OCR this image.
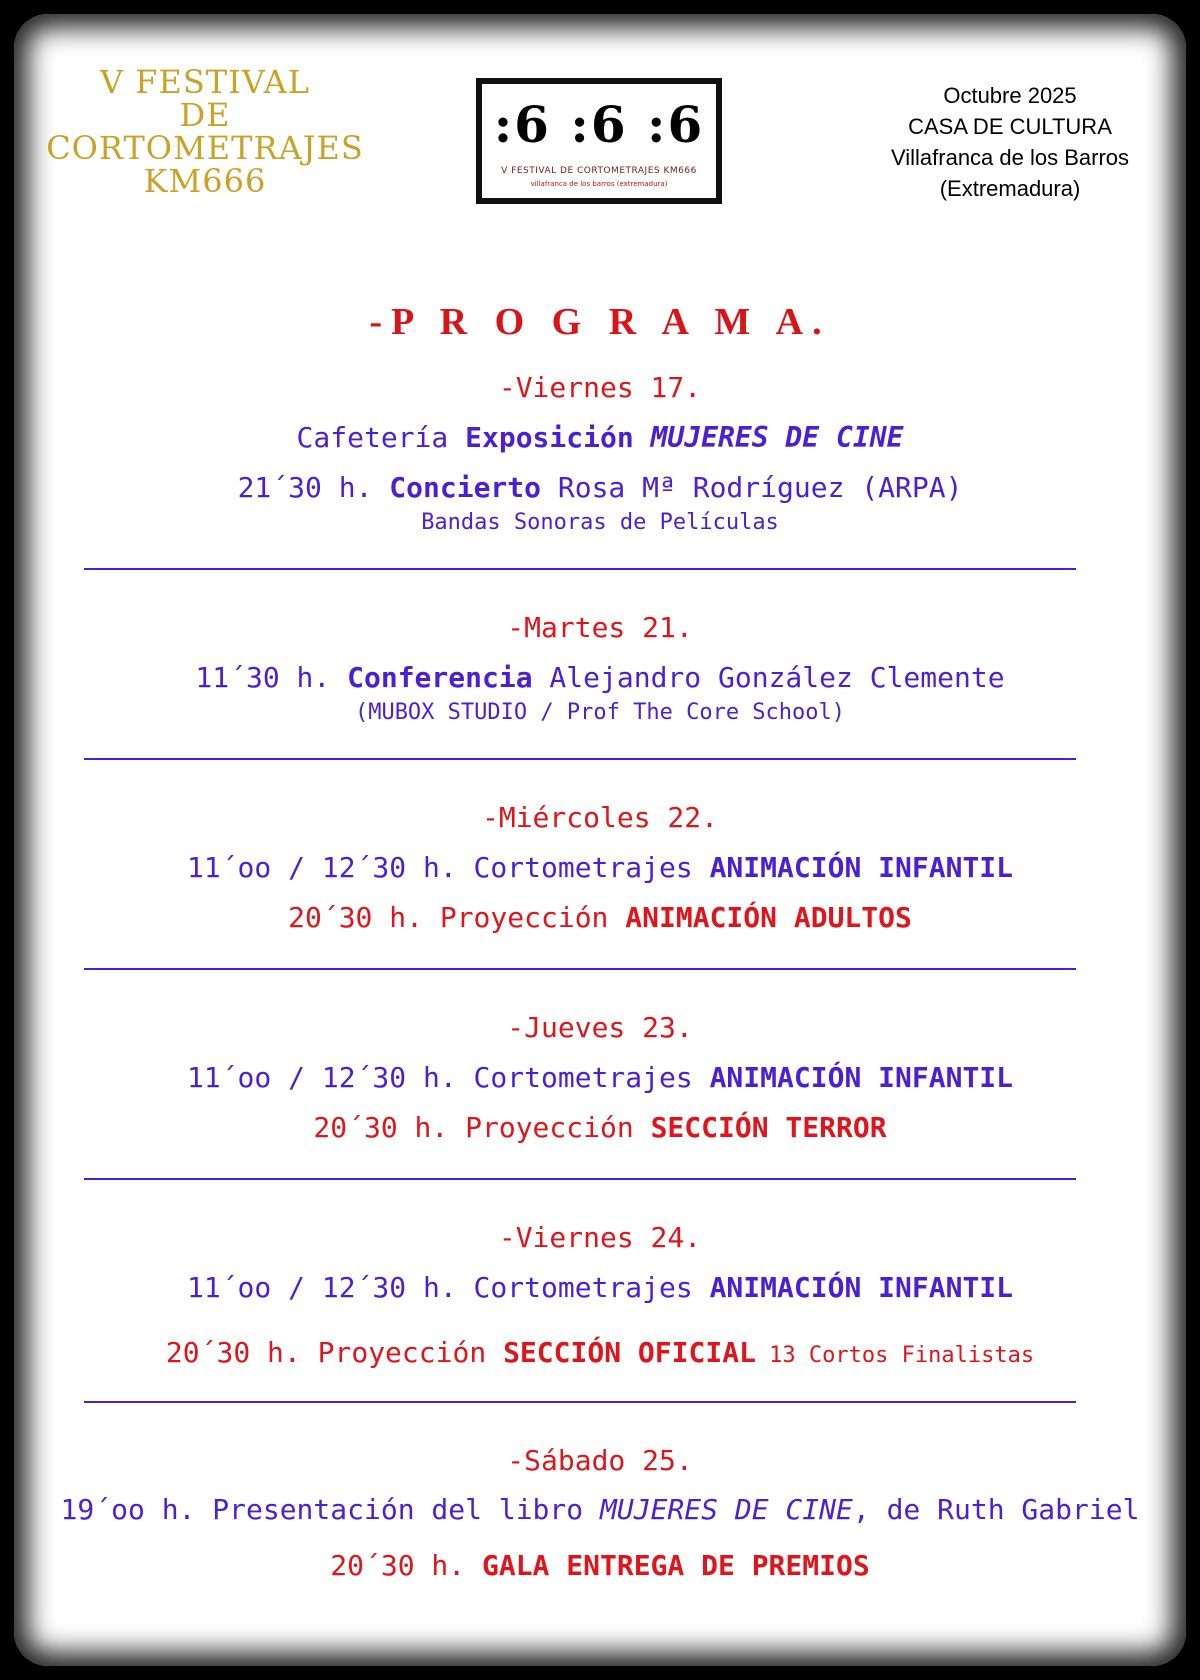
V FESTIVAL
DE
CORTOMETRAJES
KM666
:6 :6 :6
V FESTIVAL DE CORTOMETRAJES KM666
villafranca de los barros (extremadura)
Octubre 2025
CASA DE CULTURA
Villafranca de los Barros
(Extremadura)
-P R O G R A M A.
-Viernes 17.
Cafetería Exposición MUJERES DE CINE
21´30 h. Concierto Rosa Mª Rodríguez (ARPA)
Bandas Sonoras de Películas
-Martes 21.
11´30 h. Conferencia Alejandro González Clemente
(MUBOX STUDIO / Prof The Core School)
-Miércoles 22.
11´oo / 12´30 h. Cortometrajes ANIMACIÓN INFANTIL
20´30 h. Proyección ANIMACIÓN ADULTOS
-Jueves 23.
11´oo / 12´30 h. Cortometrajes ANIMACIÓN INFANTIL
20´30 h. Proyección SECCIÓN TERROR
-Viernes 24.
11´oo / 12´30 h. Cortometrajes ANIMACIÓN INFANTIL
20´30 h. Proyección SECCIÓN OFICIAL 13 Cortos Finalistas
-Sábado 25.
19´oo h. Presentación del libro MUJERES DE CINE, de Ruth Gabriel
20´30 h. GALA ENTREGA DE PREMIOS
